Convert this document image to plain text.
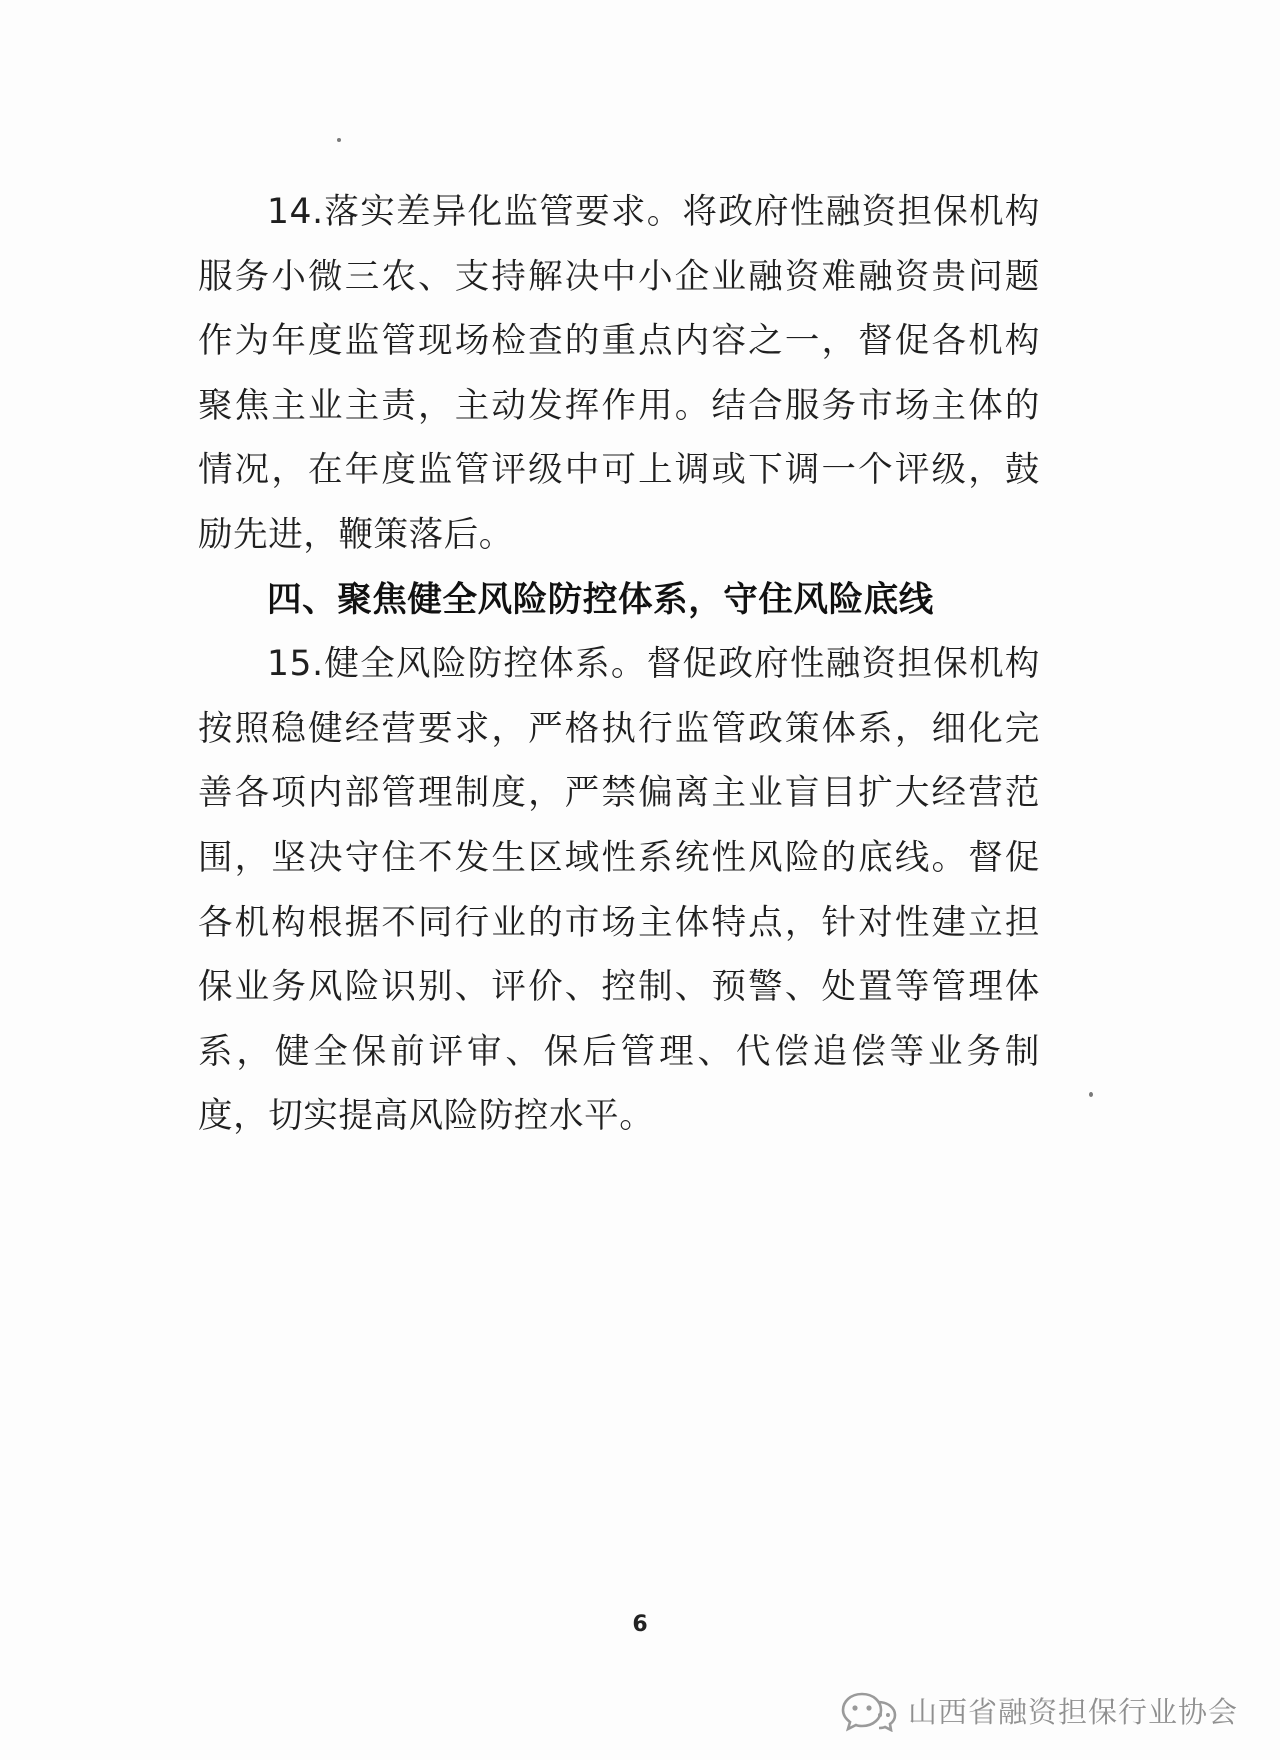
14.落实差异化监管要求。将政府性融资担保机构服务小微三农、支持解决中小企业融资难融资贵问题作为年度监管现场检查的重点内容之一，督促各机构聚焦主业主责，主动发挥作用。结合服务市场主体的情况，在年度监管评级中可上调或下调一个评级，鼓励先进，鞭策落后。

四、聚焦健全风险防控体系，守住风险底线

15.健全风险防控体系。督促政府性融资担保机构按照稳健经营要求，严格执行监管政策体系，细化完善各项内部管理制度，严禁偏离主业盲目扩大经营范围，坚决守住不发生区域性系统性风险的底线。督促各机构根据不同行业的市场主体特点，针对性建立担保业务风险识别、评价、控制、预警、处置等管理体系，健全保前评审、保后管理、代偿追偿等业务制度，切实提高风险防控水平。

6
山西省融资担保行业协会
